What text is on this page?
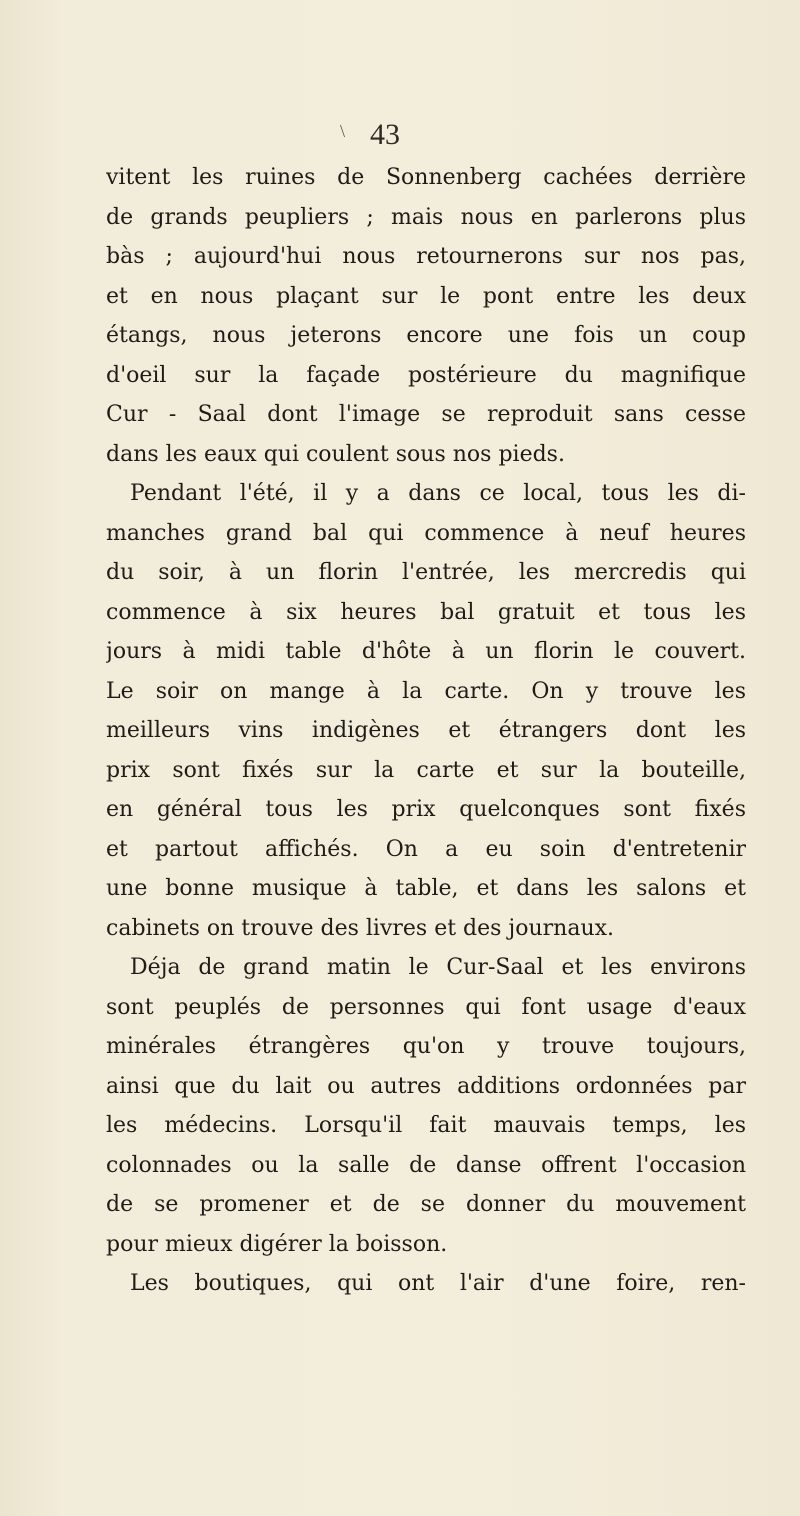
\ 43
vitent les ruines de Sonnenberg cachées derrière
de grands peupliers ; mais nous en parlerons plus
bàs ; aujourd'hui nous retournerons sur nos pas,
et en nous plaçant sur le pont entre les deux
étangs, nous jeterons encore une fois un coup
d'oeil sur la façade postérieure du magnifique
Cur - Saal dont l'image se reproduit sans cesse
dans les eaux qui coulent sous nos pieds.
Pendant l'été, il y a dans ce local, tous les di-
manches grand bal qui commence à neuf heures
du soir, à un florin l'entrée, les mercredis qui
commence à six heures bal gratuit et tous les
jours à midi table d'hôte à un florin le couvert.
Le soir on mange à la carte. On y trouve les
meilleurs vins indigènes et étrangers dont les
prix sont fixés sur la carte et sur la bouteille,
en général tous les prix quelconques sont fixés
et partout affichés. On a eu soin d'entretenir
une bonne musique à table, et dans les salons et
cabinets on trouve des livres et des journaux.
Déja de grand matin le Cur-Saal et les environs
sont peuplés de personnes qui font usage d'eaux
minérales étrangères qu'on y trouve toujours,
ainsi que du lait ou autres additions ordonnées par
les médecins. Lorsqu'il fait mauvais temps, les
colonnades ou la salle de danse offrent l'occasion
de se promener et de se donner du mouvement
pour mieux digérer la boisson.
Les boutiques, qui ont l'air d'une foire, ren-
